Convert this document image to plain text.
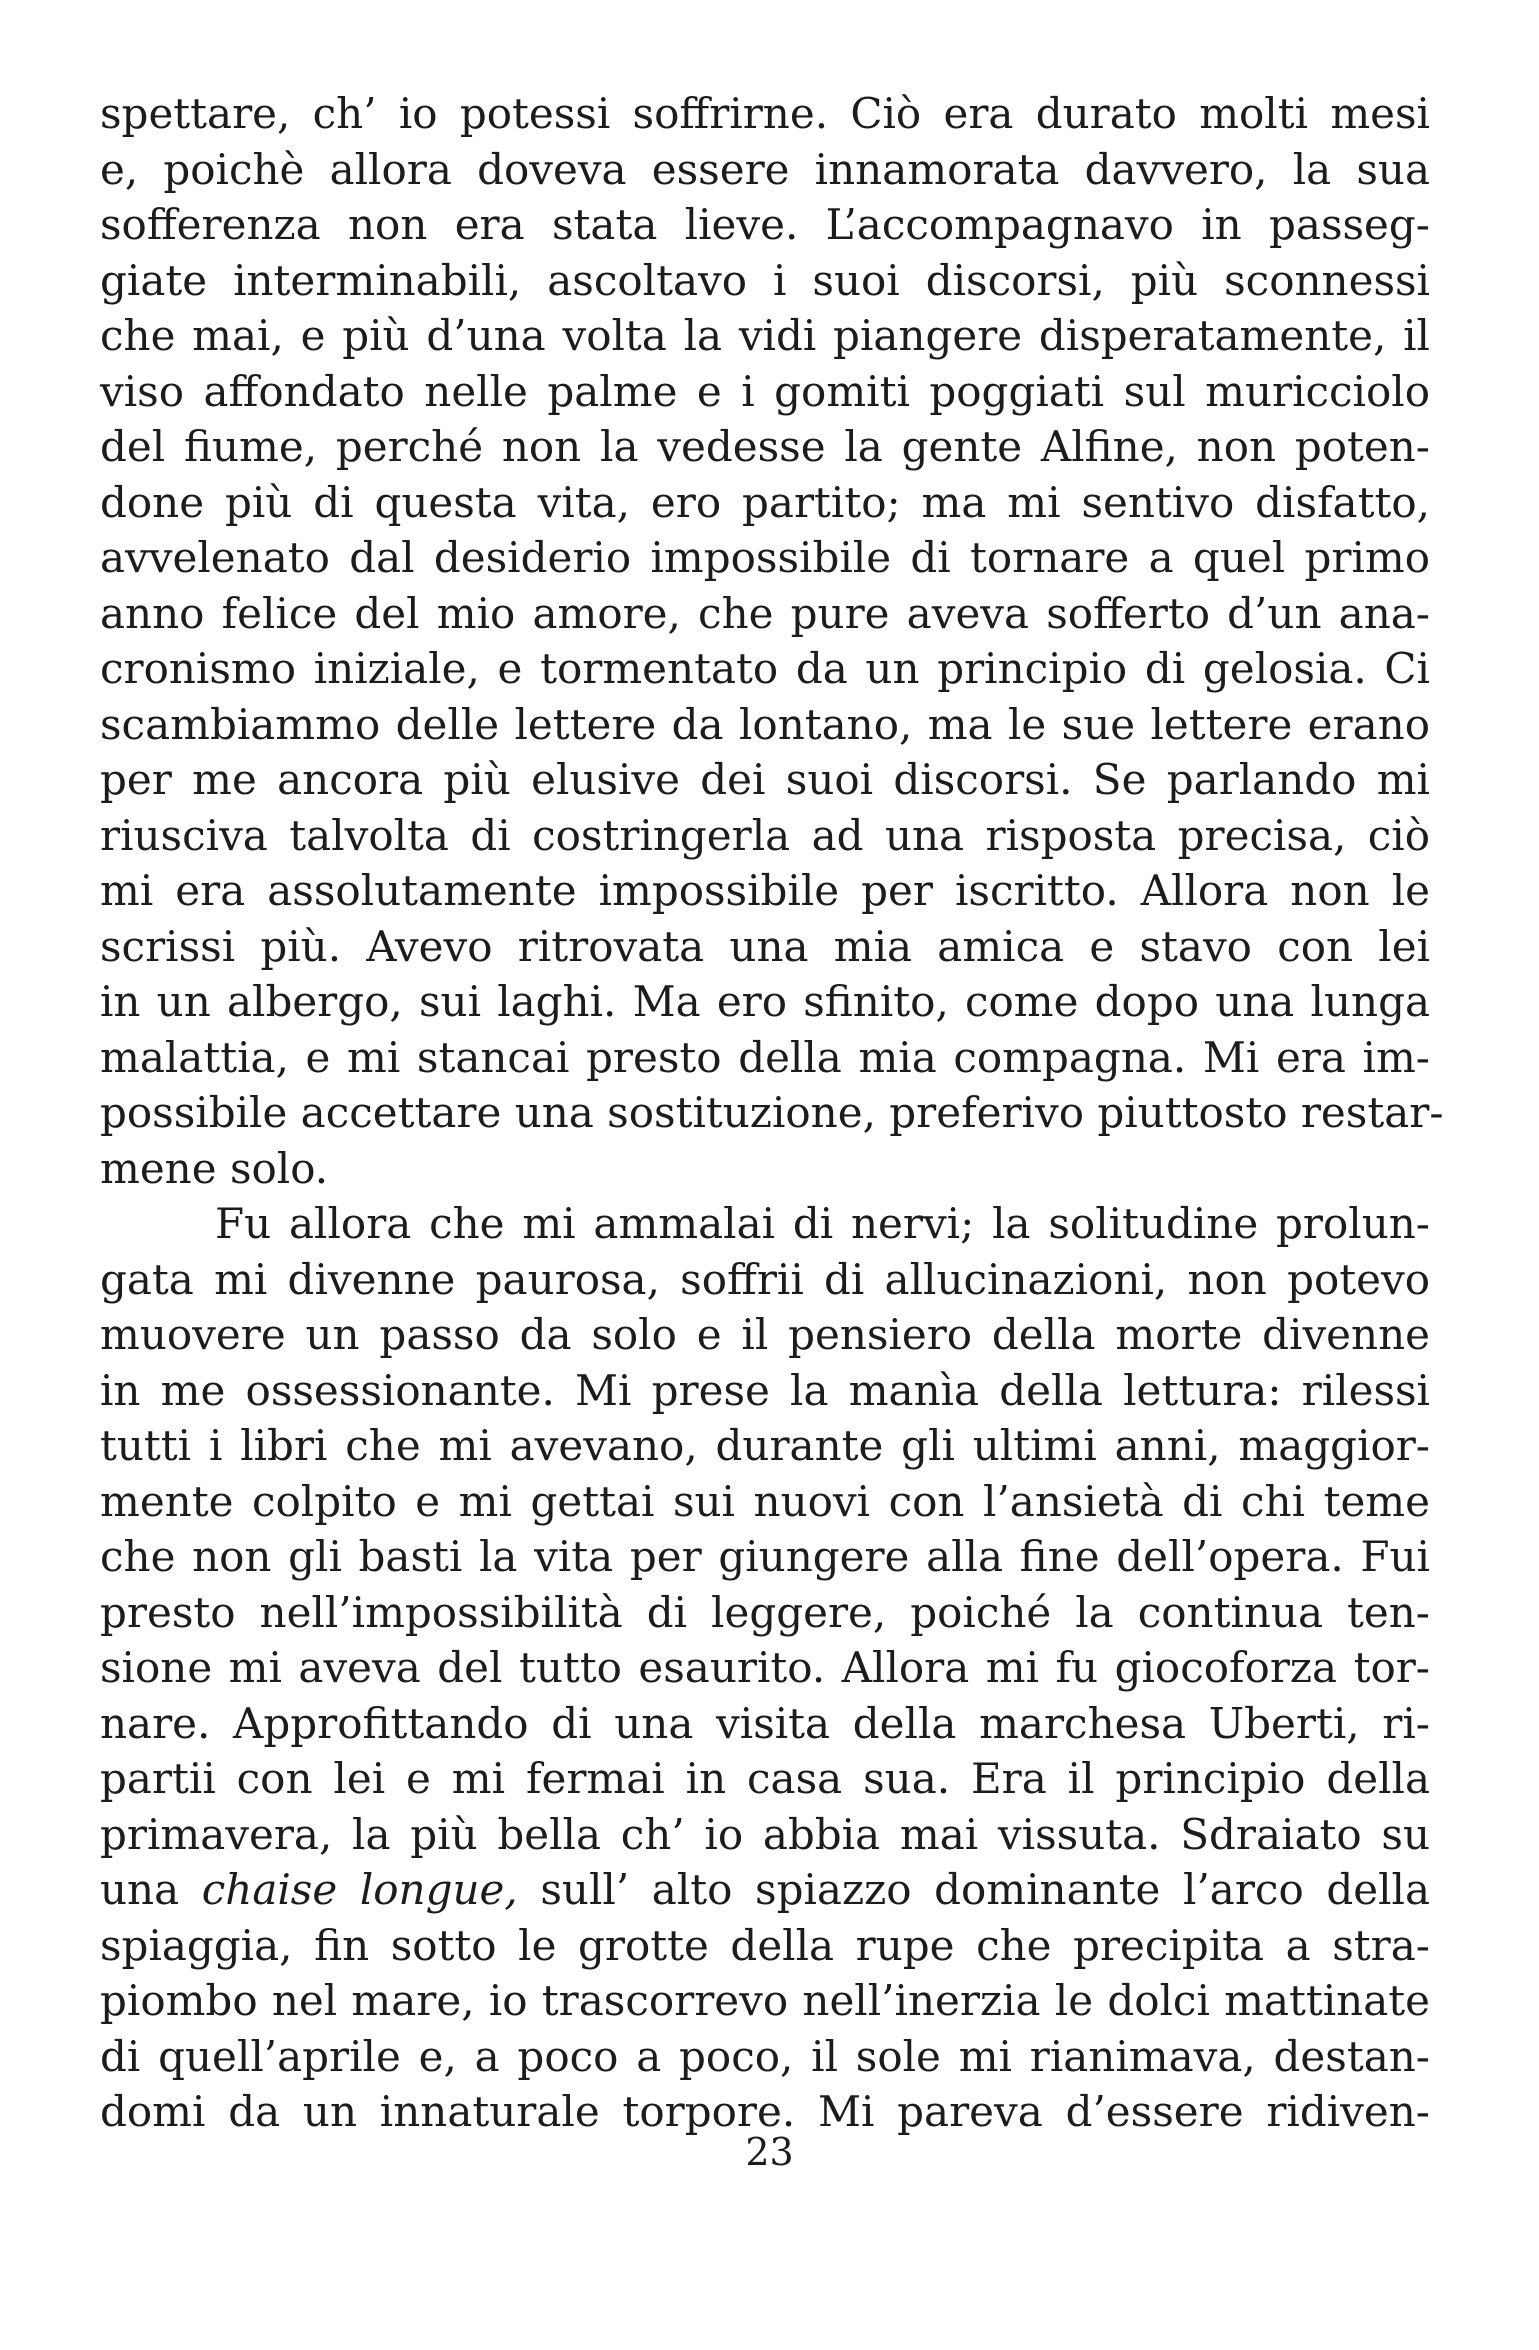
spettare, ch’ io potessi soffrirne. Ciò era durato molti mesi
e, poichè allora doveva essere innamorata davvero, la sua
sofferenza non era stata lieve. L’accompagnavo in passeg-
giate interminabili, ascoltavo i suoi discorsi, più sconnessi
che mai, e più d’una volta la vidi piangere disperatamente, il
viso affondato nelle palme e i gomiti poggiati sul muricciolo
del fiume, perché non la vedesse la gente Alfine, non poten-
done più di questa vita, ero partito; ma mi sentivo disfatto,
avvelenato dal desiderio impossibile di tornare a quel primo
anno felice del mio amore, che pure aveva sofferto d’un ana-
cronismo iniziale, e tormentato da un principio di gelosia. Ci
scambiammo delle lettere da lontano, ma le sue lettere erano
per me ancora più elusive dei suoi discorsi. Se parlando mi
riusciva talvolta di costringerla ad una risposta precisa, ciò
mi era assolutamente impossibile per iscritto. Allora non le
scrissi più. Avevo ritrovata una mia amica e stavo con lei
in un albergo, sui laghi. Ma ero sfinito, come dopo una lunga
malattia, e mi stancai presto della mia compagna. Mi era im-
possibile accettare una sostituzione, preferivo piuttosto restar-
mene solo.
Fu allora che mi ammalai di nervi; la solitudine prolun-
gata mi divenne paurosa, soffrii di allucinazioni, non potevo
muovere un passo da solo e il pensiero della morte divenne
in me ossessionante. Mi prese la manìa della lettura: rilessi
tutti i libri che mi avevano, durante gli ultimi anni, maggior-
mente colpito e mi gettai sui nuovi con l’ansietà di chi teme
che non gli basti la vita per giungere alla fine dell’opera. Fui
presto nell’impossibilità di leggere, poiché la continua ten-
sione mi aveva del tutto esaurito. Allora mi fu giocoforza tor-
nare. Approfittando di una visita della marchesa Uberti, ri-
partii con lei e mi fermai in casa sua. Era il principio della
primavera, la più bella ch’ io abbia mai vissuta. Sdraiato su
una chaise longue, sull’ alto spiazzo dominante l’arco della
spiaggia, fin sotto le grotte della rupe che precipita a stra-
piombo nel mare, io trascorrevo nell’inerzia le dolci mattinate
di quell’aprile e, a poco a poco, il sole mi rianimava, destan-
domi da un innaturale torpore. Mi pareva d’essere ridiven-
23
